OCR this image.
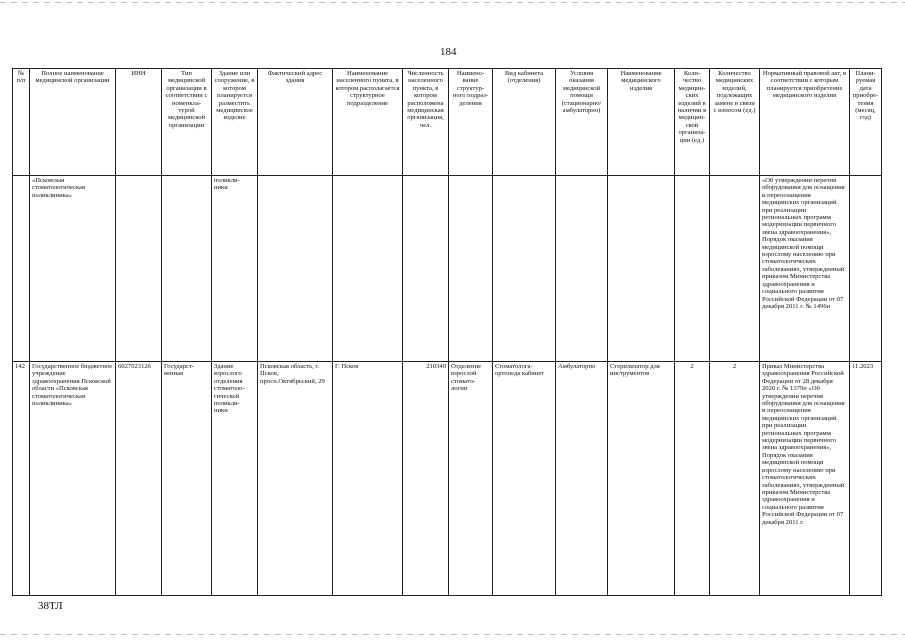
184
№ п/п	Полное наименование медицинской организации	ИНН	Тип медицинской организации в соответствии с номенкла- турой медицинской организации	Здание или сооружение, в котором планируется разместить медицинское изделие	Фактический адрес здания	Наименование населенного пункта, в котором располагается структурное подразделение	Численность населенного пункта, в котором расположена медицинская организация, чел.	Наимено- вание структур- ного подраз- деления	Вид кабинета (отделения)	Условия оказания медицинской помощи (стационарно/ амбулаторно)	Наименование медицинского изделия	Коли- чество медицин- ских изделий в наличии в медицин- ской организа- ции (ед.)	Количество медицинских изделий, подлежащих замене в связи с износом (ед.)	Нормативный правовой акт, в соответствии с которым планируется приобретение медицинского изделия	Плани- руемая дата приобре- тения (месяц, год)
	«Псковская стоматологическая поликлиника»			поликли- ники										«Об утверждении перечня оборудования для оснащения и переоснащения медицинских организаций при реализации региональных программ модернизации первичного звена здравоохранения», Порядок оказания медицинской помощи взрослому населению при стоматологических заболеваниях, утвержденный приказом Министерства здравоохранения и социального развития Российской Федерации от 07 декабря 2011 г. № 1496н	
142	Государственное бюджетное учреждение здравоохранения Псковской области «Псковская стоматологическая поликлиника»	6027023126	Государст- венная	Здание взрослого отделения стоматоло- гической поликли- ники	Псковская область, г. Псков, просп.Октябрьский, 29	Г. Псков	210340	Отделение взрослой стомато- логии	Стоматолога- ортопеда кабинет	Амбулаторно	Стерилизатор для инструментов	2	2	Приказ Министерства здравоохранения Российской Федерации от 28 декабря 2020 г. № 1379н «Об утверждении перечня оборудования для оснащения и переоснащения медицинских организаций при реализации региональных программ модернизации первичного звена здравоохранения», Порядок оказания медицинской помощи взрослому населению при стоматологических заболеваниях, утвержденный приказом Министерства здравоохранения и социального развития Российской Федерации от 07 декабря 2011 г.	11.2023
38ТЛ
